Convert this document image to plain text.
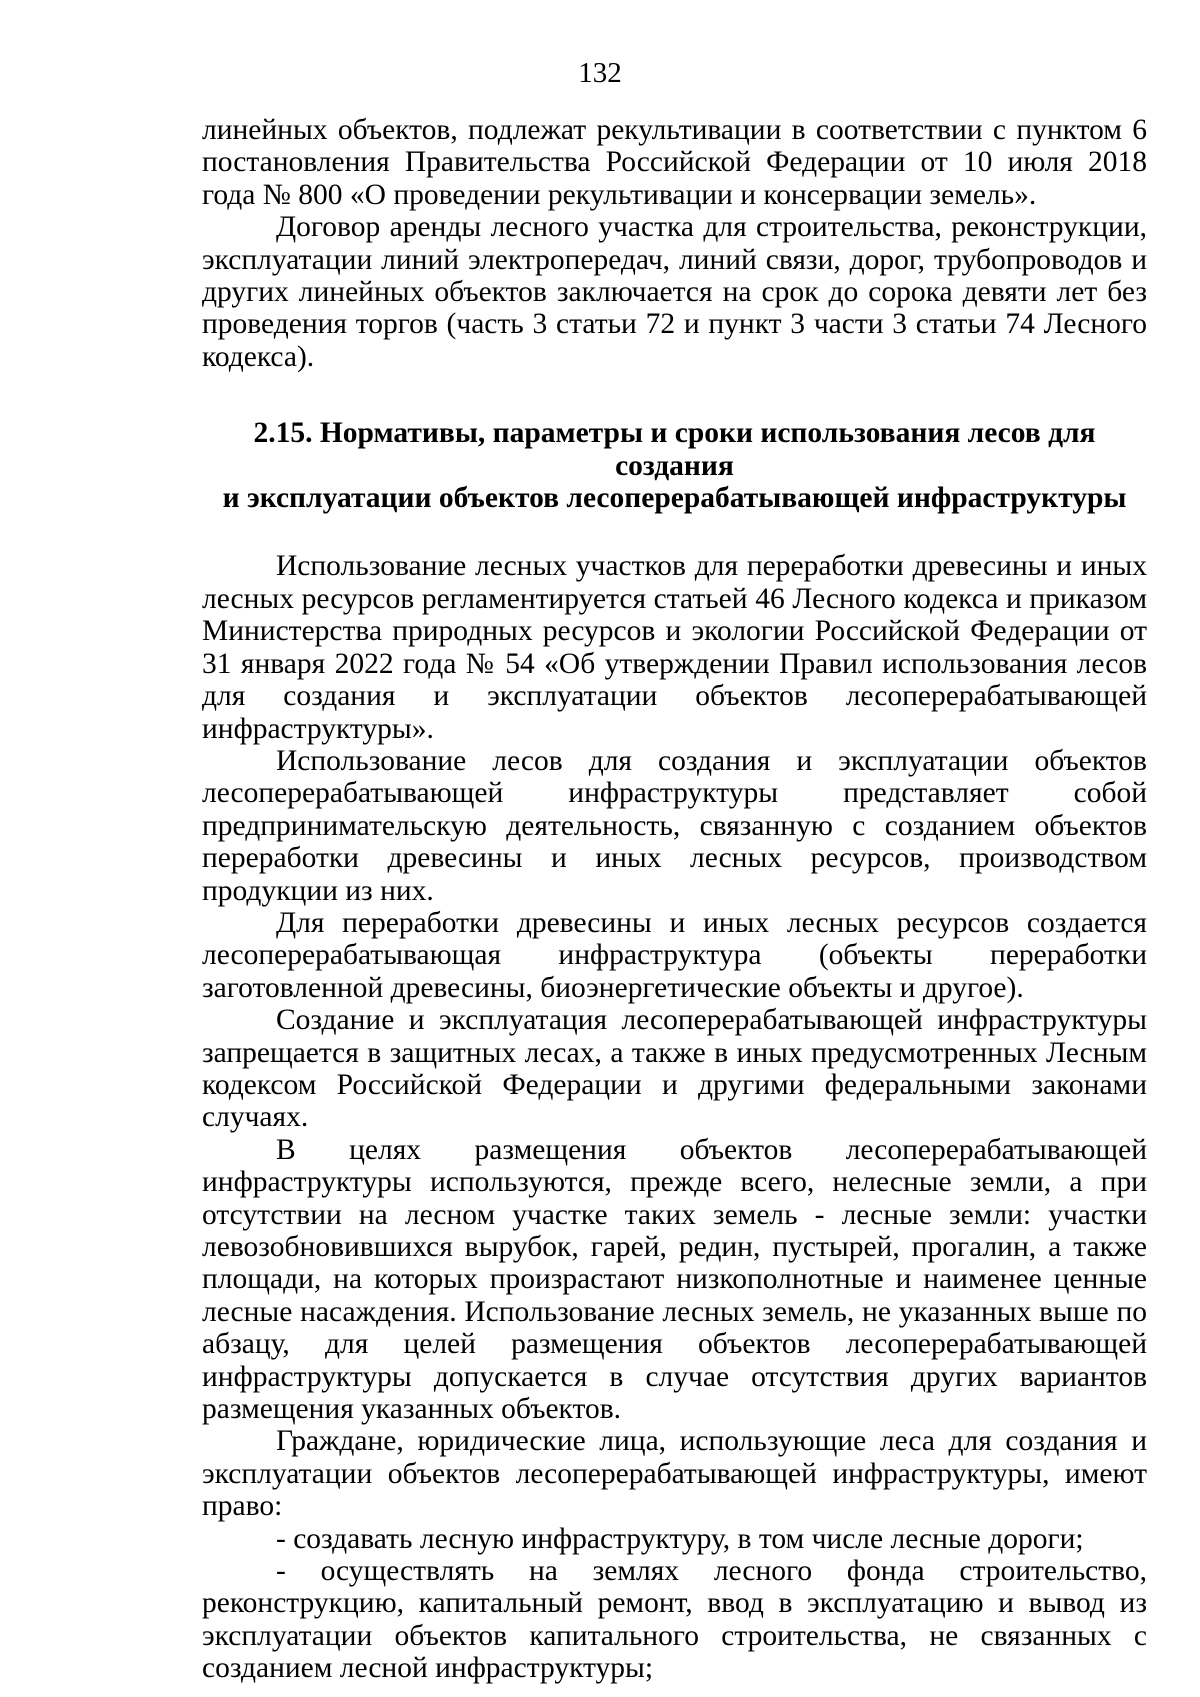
132

линейных объектов, подлежат рекультивации в соответствии с пунктом 6 постановления Правительства Российской Федерации от 10 июля 2018 года № 800 «О проведении рекультивации и консервации земель».

Договор аренды лесного участка для строительства, реконструкции, эксплуатации линий электропередач, линий связи, дорог, трубопроводов и других линейных объектов заключается на срок до сорока девяти лет без проведения торгов (часть 3 статьи 72 и пункт 3 части 3 статьи 74 Лесного кодекса).

2.15. Нормативы, параметры и сроки использования лесов для создания
и эксплуатации объектов лесоперерабатывающей инфраструктуры

Использование лесных участков для переработки древесины и иных лесных ресурсов регламентируется статьей 46 Лесного кодекса и приказом Министерства природных ресурсов и экологии Российской Федерации от 31 января 2022 года № 54 «Об утверждении Правил использования лесов для создания и эксплуатации объектов лесоперерабатывающей инфраструктуры».

Использование лесов для создания и эксплуатации объектов лесоперерабатывающей инфраструктуры представляет собой предпринимательскую деятельность, связанную с созданием объектов переработки древесины и иных лесных ресурсов, производством продукции из них.

Для переработки древесины и иных лесных ресурсов создается лесоперерабатывающая инфраструктура (объекты переработки заготовленной древесины, биоэнергетические объекты и другое).

Создание и эксплуатация лесоперерабатывающей инфраструктуры запрещается в защитных лесах, а также в иных предусмотренных Лесным кодексом Российской Федерации и другими федеральными законами случаях.

В целях размещения объектов лесоперерабатывающей инфраструктуры используются, прежде всего, нелесные земли, а при отсутствии на лесном участке таких земель - лесные земли: участки левозобновившихся вырубок, гарей, редин, пустырей, прогалин, а также площади, на которых произрастают низкополнотные и наименее ценные лесные насаждения. Использование лесных земель, не указанных выше по абзацу, для целей размещения объектов лесоперерабатывающей инфраструктуры допускается в случае отсутствия других вариантов размещения указанных объектов.

Граждане, юридические лица, использующие леса для создания и эксплуатации объектов лесоперерабатывающей инфраструктуры, имеют право:

- создавать лесную инфраструктуру, в том числе лесные дороги;

- осуществлять на землях лесного фонда строительство, реконструкцию, капитальный ремонт, ввод в эксплуатацию и вывод из эксплуатации объектов капитального строительства, не связанных с созданием лесной инфраструктуры;
